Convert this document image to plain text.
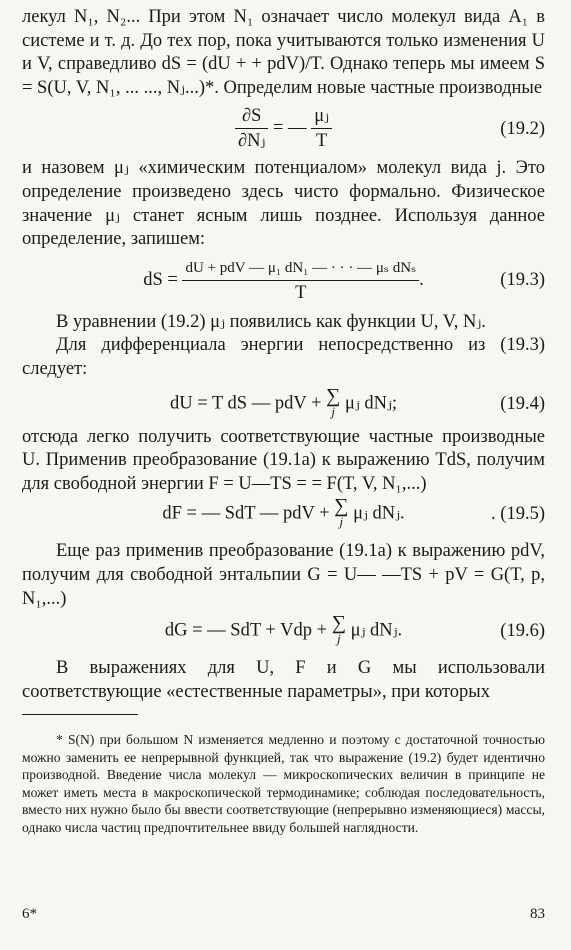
лекул N₁, N₂... При этом N₁ означает число молекул вида A₁ в системе и т. д. До тех пор, пока учитываются только изменения U и V, справедливо dS = (dU + + pdV)/T. Однако теперь мы имеем S = S(U, V, N₁, ... ..., Nⱼ...)*. Определим новые частные производные

$\frac{\partial S}{\text{∂Nⱼ}}$ = — $\frac{\text{μⱼ}}{T}$	(19.2)

и назовем μⱼ «химическим потенциалом» молекул вида j. Это определение произведено здесь чисто формально. Физическое значение μⱼ станет ясным лишь позднее. Используя данное определение, запишем:

dS = $\frac{\text{dU + pdV — μ₁ dN₁ — · · · — μₛ dNₛ}}{T}$ .	(19.3)

В уравнении (19.2) μⱼ появились как функции U, V, Nⱼ.

Для дифференциала энергии непосредственно из (19.3) следует:

dU = T dS — pdV + ∑
j μⱼ dNⱼ;	(19.4)

отсюда легко получить соответствующие частные производные U. Применив преобразование (19.1a) к выражению TdS, получим для свободной энергии F = U—TS = = F(T, V, N₁,...)

dF = — SdT — pdV + ∑
j μⱼ dNⱼ.	. (19.5)

Еще раз применив преобразование (19.1a) к выражению pdV, получим для свободной энтальпии G = U— —TS + pV = G(T, p, N₁,...)

dG = — SdT + Vdp + ∑
j μⱼ dNⱼ.	(19.6)

В выражениях для U, F и G мы использовали соответствующие «естественные параметры», при которых

* S(N) при большом N изменяется медленно и поэтому с достаточной точностью можно заменить ее непрерывной функцией, так что выражение (19.2) будет идентично производной. Введение числа молекул — микроскопических величин в принципе не может иметь места в макроскопической термодинамике; соблюдая последовательность, вместо них нужно было бы ввести соответствующие (непрерывно изменяющиеся) массы, однако числа частиц предпочтительнее ввиду большей наглядности.

6*	83
